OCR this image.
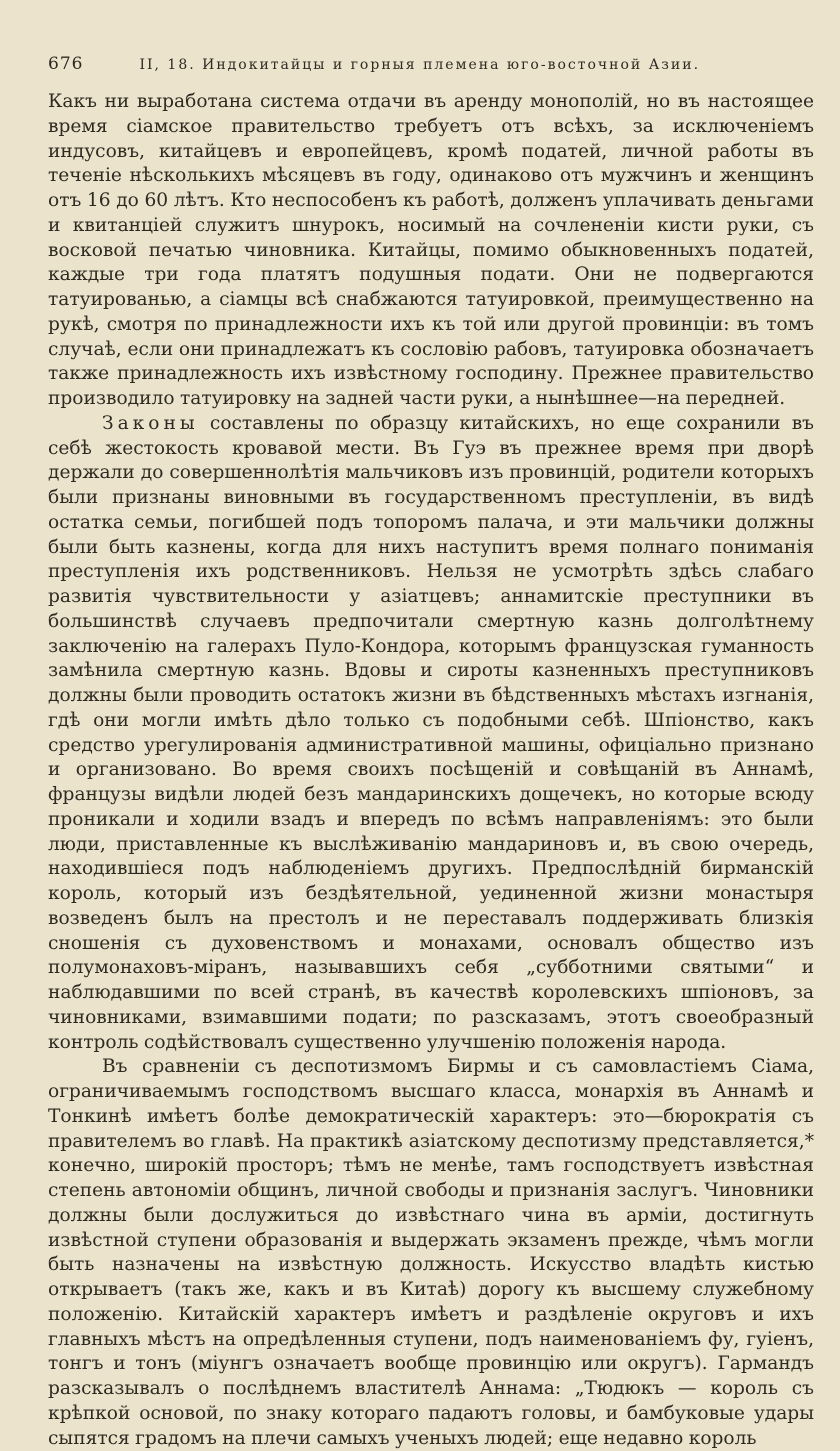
676	II, 18. Индокитайцы и горныя племена юго-восточной Азии.

Какъ ни выработана система отдачи въ аренду монополій, но въ настоящее время сіамское правительство требуетъ отъ всѣхъ, за исключеніемъ индусовъ, китайцевъ и европейцевъ, кромѣ податей, личной работы въ теченіе нѣсколькихъ мѣсяцевъ въ году, одинаково отъ мужчинъ и женщинъ отъ 16 до 60 лѣтъ. Кто неспособенъ къ работѣ, долженъ уплачивать деньгами и квитанціей служитъ шнурокъ, носимый на сочлененіи кисти руки, съ восковой печатью чиновника. Китайцы, помимо обыкновенныхъ податей, каждые три года платятъ подушныя подати. Они не подвергаются татуированью, а сіамцы всѣ снабжаются татуировкой, преимущественно на рукѣ, смотря по принадлежности ихъ къ той или другой провинціи: въ томъ случаѣ, если они принадлежатъ къ сословію рабовъ, татуировка обозначаетъ также принадлежность ихъ извѣстному господину. Прежнее правительство производило татуировку на задней части руки, а нынѣшнее—на передней.

Законы составлены по образцу китайскихъ, но еще сохранили въ себѣ жестокость кровавой мести. Въ Гуэ въ прежнее время при дворѣ держали до совершеннолѣтія мальчиковъ изъ провинцій, родители которыхъ были признаны виновными въ государственномъ преступленіи, въ видѣ остатка семьи, погибшей подъ топоромъ палача, и эти мальчики должны были быть казнены, когда для нихъ наступитъ время полнаго пониманія преступленія ихъ родственниковъ. Нельзя не усмотрѣть здѣсь слабаго развитія чувствительности у азіатцевъ; аннамитскіе преступники въ большинствѣ случаевъ предпочитали смертную казнь долголѣтнему заключенію на галерахъ Пуло-Кондора, которымъ французская гуманность замѣнила смертную казнь. Вдовы и сироты казненныхъ преступниковъ должны были проводить остатокъ жизни въ бѣдственныхъ мѣстахъ изгнанія, гдѣ они могли имѣть дѣло только съ подобными себѣ. Шпіонство, какъ средство урегулированія административной машины, офиціально признано и организовано. Во время своихъ посѣщеній и совѣщаній въ Аннамѣ, французы видѣли людей безъ мандаринскихъ дощечекъ, но которые всюду проникали и ходили взадъ и впередъ по всѣмъ направленіямъ: это были люди, приставленные къ выслѣживанію мандариновъ и, въ свою очередь, находившіеся подъ наблюденіемъ другихъ. Предпослѣдній бирманскій король, который изъ бездѣятельной, уединенной жизни монастыря возведенъ былъ на престолъ и не переставалъ поддерживать близкія сношенія съ духовенствомъ и монахами, основалъ общество изъ полумонаховъ-міранъ, называвшихъ себя „субботними святыми“ и наблюдавшими по всей странѣ, въ качествѣ королевскихъ шпіоновъ, за чиновниками, взимавшими подати; по разсказамъ, этотъ своеобразный контроль содѣйствовалъ существенно улучшенію положенія народа.

Въ сравненіи съ деспотизмомъ Бирмы и съ самовластіемъ Сіама, ограничиваемымъ господствомъ высшаго класса, монархія въ Аннамѣ и Тонкинѣ имѣетъ болѣе демократическій характеръ: это—бюрократія съ правителемъ во главѣ. На практикѣ азіатскому деспотизму представляется,* конечно, широкій просторъ; тѣмъ не менѣе, тамъ господствуетъ извѣстная степень автономіи общинъ, личной свободы и признанія заслугъ. Чиновники должны были дослужиться до извѣстнаго чина въ арміи, достигнуть извѣстной ступени образованія и выдержать экзаменъ прежде, чѣмъ могли быть назначены на извѣстную должность. Искусство владѣть кистью открываетъ (такъ же, какъ и въ Китаѣ) дорогу къ высшему служебному положенію. Китайскій характеръ имѣетъ и раздѣленіе округовъ и ихъ главныхъ мѣстъ на опредѣленныя ступени, подъ наименованіемъ фу, гуіенъ, тонгъ и тонъ (міунгъ означаетъ вообще провинцію или округъ). Гармандъ разсказывалъ о послѣднемъ властителѣ Аннама: „Тюдюкъ — король съ крѣпкой основой, по знаку котораго падаютъ головы, и бамбуковые удары сыпятся градомъ на плечи самыхъ ученыхъ людей; еще недавно король
